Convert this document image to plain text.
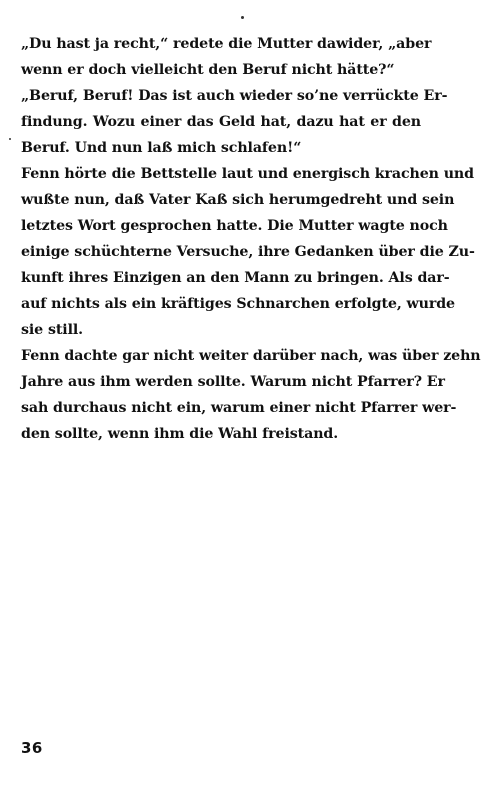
„Du hast ja recht,“ redete die Mutter dawider, „aber
wenn er doch vielleicht den Beruf nicht hätte?“
„Beruf, Beruf! Das ist auch wieder so’ne verrückte Er-
findung. Wozu einer das Geld hat, dazu hat er den
Beruf. Und nun laß mich schlafen!“
Fenn hörte die Bettstelle laut und energisch krachen und
wußte nun, daß Vater Kaß sich herumgedreht und sein
letztes Wort gesprochen hatte. Die Mutter wagte noch
einige schüchterne Versuche, ihre Gedanken über die Zu-
kunft ihres Einzigen an den Mann zu bringen. Als dar-
auf nichts als ein kräftiges Schnarchen erfolgte, wurde
sie still.
Fenn dachte gar nicht weiter darüber nach, was über zehn
Jahre aus ihm werden sollte. Warum nicht Pfarrer? Er
sah durchaus nicht ein, warum einer nicht Pfarrer wer-
den sollte, wenn ihm die Wahl freistand.
36
